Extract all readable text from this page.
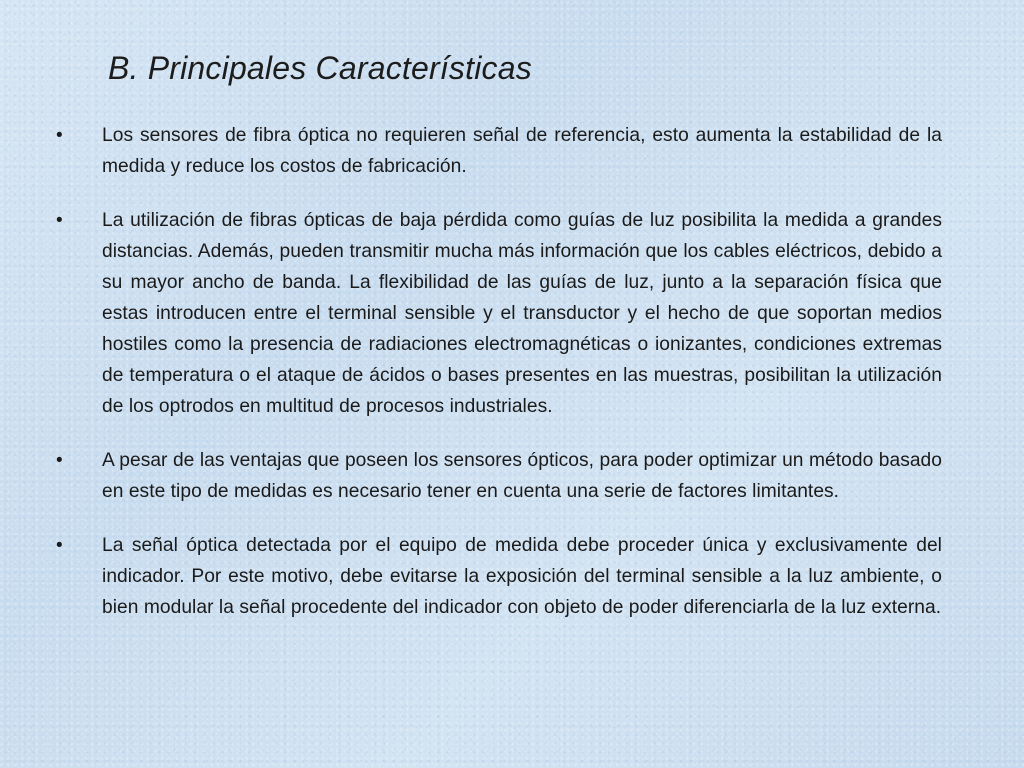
B. Principales Características
•	Los sensores de fibra óptica no requieren señal de referencia, esto aumenta la estabilidad de la medida y reduce los costos de fabricación.
•	La utilización de fibras ópticas de baja pérdida como guías de luz posibilita la medida a grandes distancias. Además, pueden transmitir mucha más información que los cables eléctricos, debido a su mayor ancho de banda. La flexibilidad de las guías de luz, junto a la separación física que estas introducen entre el terminal sensible y el transductor y el hecho de que soportan medios hostiles como la presencia de radiaciones electromagnéticas o ionizantes, condiciones extremas de temperatura o el ataque de ácidos o bases presentes en las muestras, posibilitan la utilización de los optrodos en multitud de procesos industriales.
•	A pesar de las ventajas que poseen los sensores ópticos, para poder optimizar un método basado en este tipo de medidas es necesario tener en cuenta una serie de factores limitantes.
•	La señal óptica detectada por el equipo de medida debe proceder única y exclusivamente del indicador. Por este motivo, debe evitarse la exposición del terminal sensible a la luz ambiente, o bien modular la señal procedente del indicador con objeto de poder diferenciarla de la luz externa.
